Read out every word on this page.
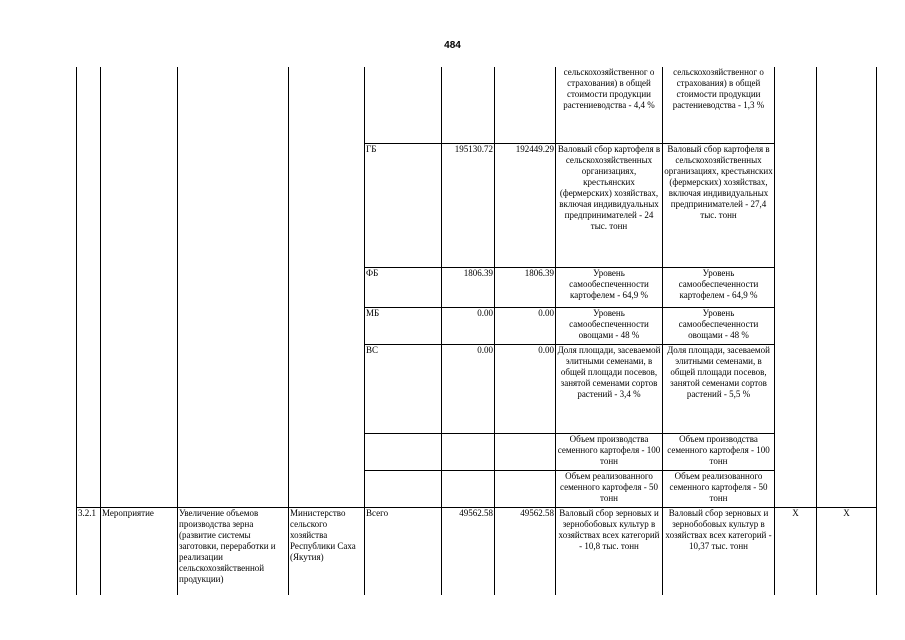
484
							сельскохозяйственног о страхования) в общей стоимости продукции растениеводства - 4,4 %	сельскохозяйственног о страхования) в общей стоимости продукции растениеводства - 1,3 %		
				ГБ	195130.72	192449.29	Валовый сбор картофеля в сельскохозяйственных организациях, крестьянских (фермерских) хозяйствах, включая индивидуальных предпринимателей - 24 тыс. тонн	Валовый сбор картофеля в сельскохозяйственных организациях, крестьянских (фермерских) хозяйствах, включая индивидуальных предпринимателей - 27,4 тыс. тонн		
				ФБ	1806.39	1806.39	Уровень самообеспеченности картофелем - 64,9 %	Уровень самообеспеченности картофелем - 64,9 %		
				МБ	0.00	0.00	Уровень самообеспеченности овощами - 48 %	Уровень самообеспеченности овощами - 48 %		
				ВС	0.00	0.00	Доля площади, засеваемой элитными семенами, в общей площади посевов, занятой семенами сортов растений - 3,4 %	Доля площади, засеваемой элитными семенами, в общей площади посевов, занятой семенами сортов растений - 5,5 %		
							Объем производства семенного картофеля - 100 тонн	Объем производства семенного картофеля - 100 тонн		
							Объем реализованного семенного картофеля - 50 тонн	Объем реализованного семенного картофеля - 50 тонн		
3.2.1	Мероприятие	Увеличение объемов производства зерна (развитие системы заготовки, переработки и реализации сельскохозяйственной продукции)	Министерство сельского хозяйства Республики Саха (Якутия)	Всего	49562.58	49562.58	Валовый сбор зерновых и зернобобовых культур в хозяйствах всех категорий - 10,8 тыс. тонн	Валовый сбор зерновых и зернобобовых культур в хозяйствах всех категорий - 10,37 тыс. тонн	Х	Х
